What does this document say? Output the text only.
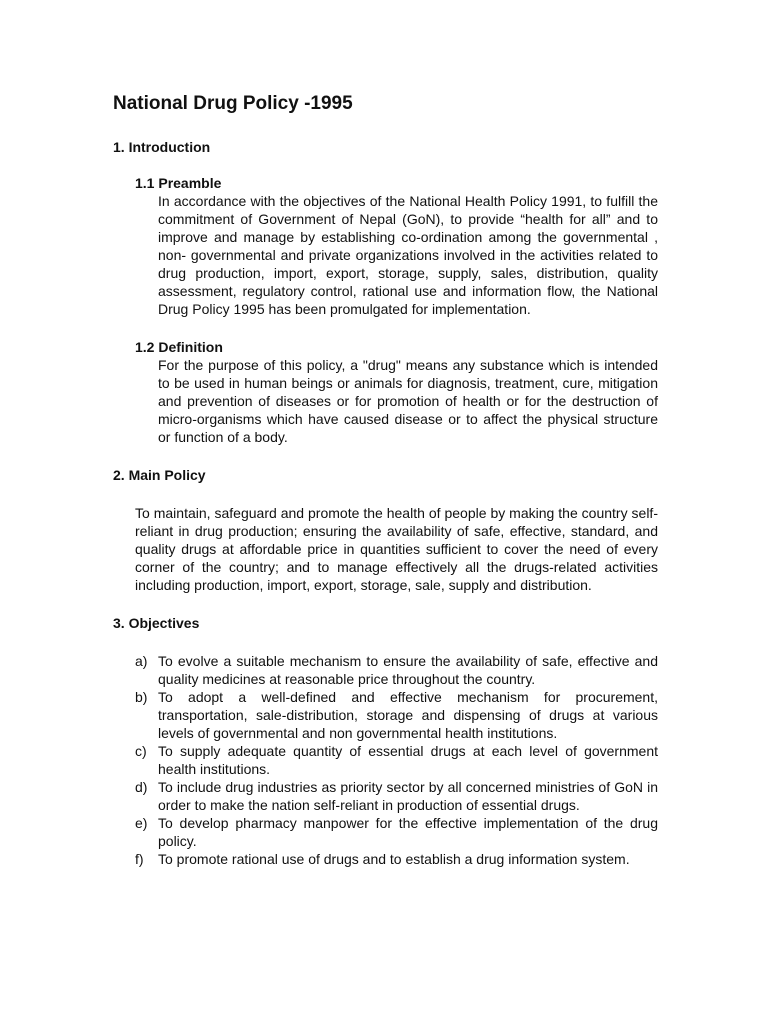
National Drug Policy -1995
1. Introduction
1.1 Preamble

In accordance with the objectives of the National Health Policy 1991, to fulfill the commitment of Government of Nepal (GoN), to provide “health for all” and to improve and manage by establishing co-ordination among the governmental , non- governmental and private organizations involved in the activities related to drug production, import, export, storage, supply, sales, distribution, quality assessment, regulatory control, rational use and information flow, the National Drug Policy 1995 has been promulgated for implementation.

1.2 Definition

For the purpose of this policy, a "drug" means any substance which is intended to be used in human beings or animals for diagnosis, treatment, cure, mitigation and prevention of diseases or for promotion of health or for the destruction of micro-organisms which have caused disease or to affect the physical structure or function of a body.

2. Main Policy

To maintain, safeguard and promote the health of people by making the country self- reliant in drug production; ensuring the availability of safe, effective, standard, and quality drugs at affordable price in quantities sufficient to cover the need of every corner of the country; and to manage effectively all the drugs-related activities including production, import, export, storage, sale, supply and distribution.

3. Objectives
a) To evolve a suitable mechanism to ensure the availability of safe, effective and quality medicines at reasonable price throughout the country.
b) To adopt a well-defined and effective mechanism for procurement, transportation, sale-distribution, storage and dispensing of drugs at various levels of governmental and non governmental health institutions.
c) To supply adequate quantity of essential drugs at each level of government health institutions.
d) To include drug industries as priority sector by all concerned ministries of GoN in order to make the nation self-reliant in production of essential drugs.
e) To develop pharmacy manpower for the effective implementation of the drug policy.
f)	To promote rational use of drugs and to establish a drug information system.
